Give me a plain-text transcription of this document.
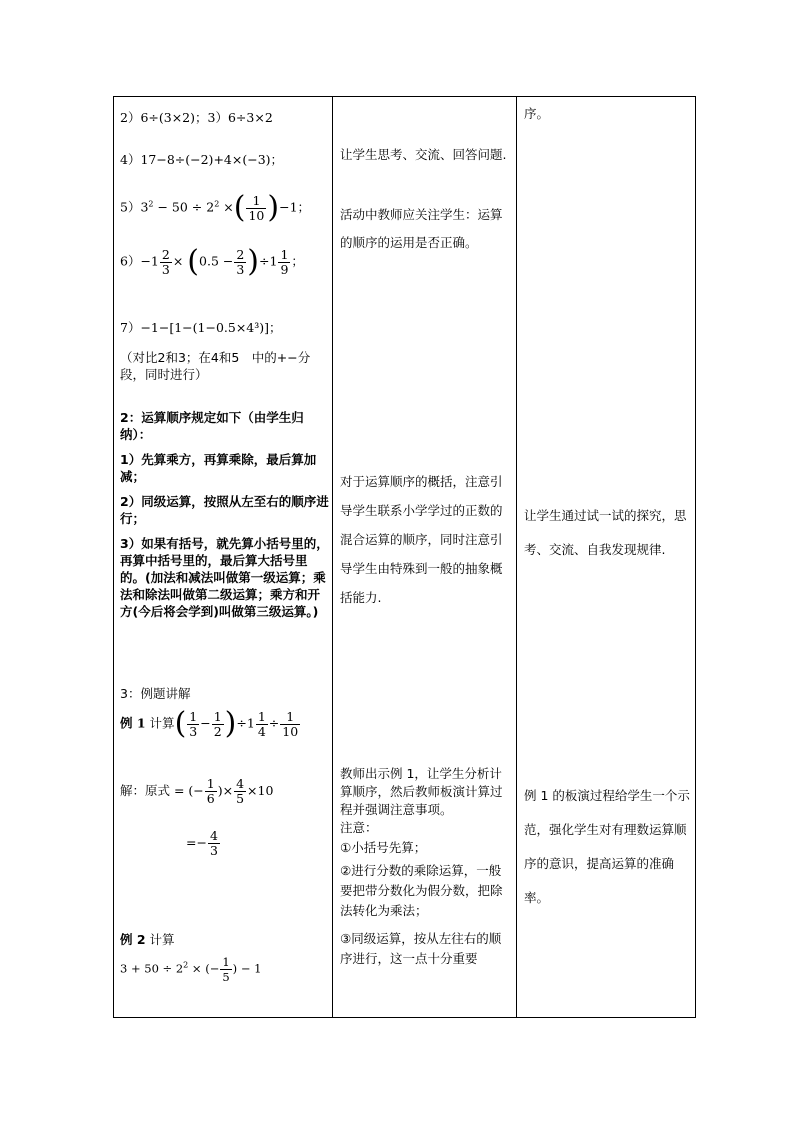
2）6÷(3×2)；3）6÷3×2
4）17−8÷(−2)+4×(−3)；
$5)3^2 - 50 \div 2^2$ ×( $\frac{1}{10} )-1$；
$6)-1 \frac{2}{3} \times (0.5 - \frac{2}{3} )\div 1 \frac{1}{9}$ ；
7）−1−[1−(1−0.5×4³)]；
（对比2和3；在4和5　中的+−分段，同时进行）
2：运算顺序规定如下（由学生归纳）：
1）先算乘方，再算乘除，最后算加减；
2）同级运算，按照从左至右的顺序进行；
3）如果有括号，就先算小括号里的，再算中括号里的，最后算大括号里的。(加法和减法叫做第一级运算；乘法和除法叫做第二级运算；乘方和开方(今后将会学到)叫做第三级运算。)
3：例题讲解
例 1 计算( $\frac{1}{3} - \frac{1}{2} )\div 1 \frac{1}{4} \div \frac{1}{10}$
解：原式 = (− $\frac{1}{6}$ )× $\frac{4}{5} \times 10$
=− $\frac{4}{3}$
例 2 计算
$3 + 50 \div 2^2$ × (− $\frac{1}{5}$ ) − 1
让学生思考、交流、回答问题.
活动中教师应关注学生：运算的顺序的运用是否正确。
对于运算顺序的概括，注意引导学生联系小学学过的正数的混合运算的顺序，同时注意引导学生由特殊到一般的抽象概括能力.
教师出示例 1，让学生分析计算顺序，然后教师板演计算过程并强调注意事项。
注意：
①小括号先算；
②进行分数的乘除运算，一般要把带分数化为假分数，把除法转化为乘法；
③同级运算，按从左往右的顺序进行，这一点十分重要
序。
让学生通过试一试的探究，思考、交流、自我发现规律.
例 1 的板演过程给学生一个示范，强化学生对有理数运算顺序的意识，提高运算的准确率。
